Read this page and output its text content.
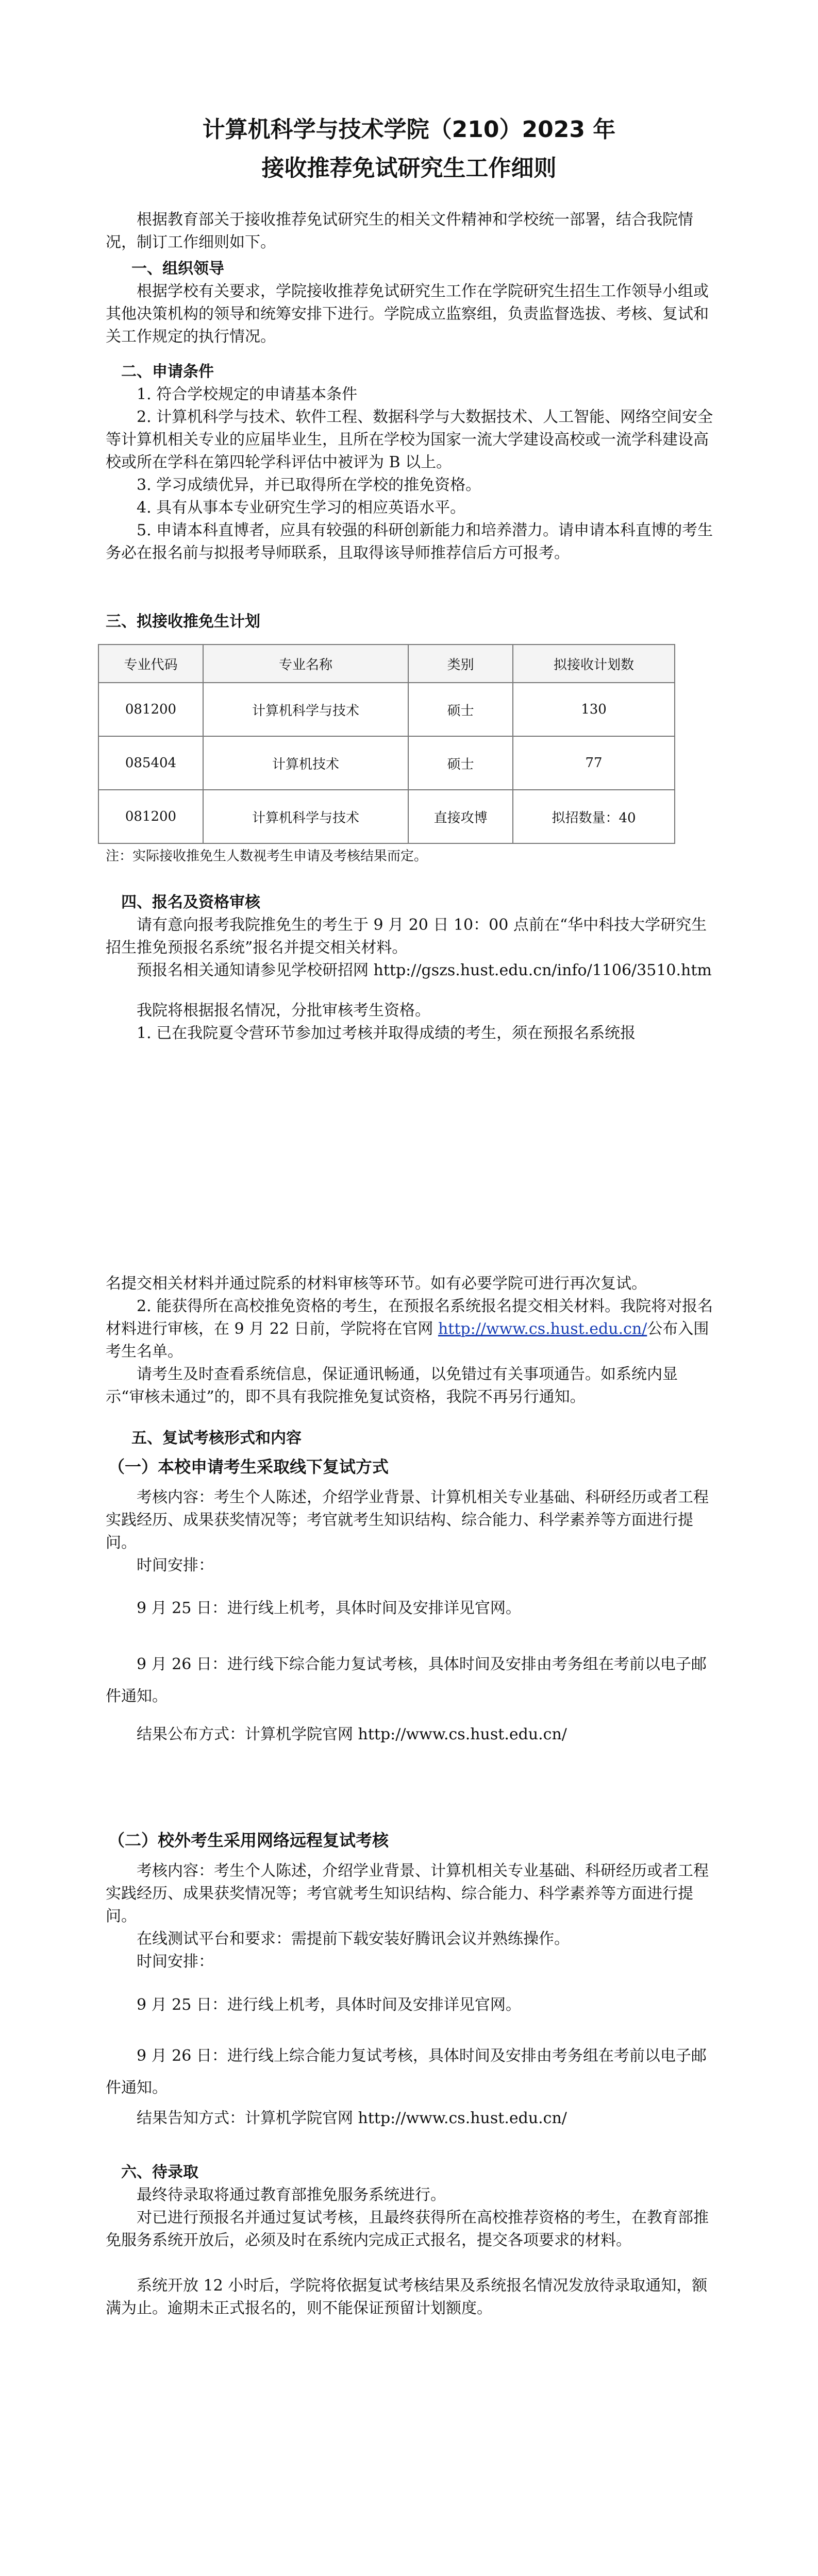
计算机科学与技术学院（210）2023 年
接收推荐免试研究生工作细则

根据教育部关于接收推荐免试研究生的相关文件精神和学校统一部署，结合我院情况，制订工作细则如下。

一、组织领导

根据学校有关要求，学院接收推荐免试研究生工作在学院研究生招生工作领导小组或其他决策机构的领导和统筹安排下进行。学院成立监察组，负责监督选拔、考核、复试和关工作规定的执行情况。

二、申请条件

1. 符合学校规定的申请基本条件

2. 计算机科学与技术、软件工程、数据科学与大数据技术、人工智能、网络空间安全等计算机相关专业的应届毕业生，且所在学校为国家一流大学建设高校或一流学科建设高校或所在学科在第四轮学科评估中被评为 B 以上。

3. 学习成绩优异，并已取得所在学校的推免资格。

4. 具有从事本专业研究生学习的相应英语水平。

5. 申请本科直博者，应具有较强的科研创新能力和培养潜力。请申请本科直博的考生务必在报名前与拟报考导师联系，且取得该导师推荐信后方可报考。

三、拟接收推免生计划

专业代码	专业名称	类别	拟接收计划数
081200	计算机科学与技术	硕士	130
085404	计算机技术	硕士	77
081200	计算机科学与技术	直接攻博	拟招数量：40

注：实际接收推免生人数视考生申请及考核结果而定。

四、报名及资格审核

请有意向报考我院推免生的考生于 9 月 20 日 10：00 点前在“华中科技大学研究生招生推免预报名系统”报名并提交相关材料。

预报名相关通知请参见学校研招网 http://gszs.hust.edu.cn/info/1106/3510.htm

我院将根据报名情况，分批审核考生资格。

1. 已在我院夏令营环节参加过考核并取得成绩的考生，须在预报名系统报

名提交相关材料并通过院系的材料审核等环节。如有必要学院可进行再次复试。

2. 能获得所在高校推免资格的考生，在预报名系统报名提交相关材料。我院将对报名材料进行审核，在 9 月 22 日前，学院将在官网 http://www.cs.hust.edu.cn/公布入围考生名单。

请考生及时查看系统信息，保证通讯畅通，以免错过有关事项通告。如系统内显示“审核未通过”的，即不具有我院推免复试资格，我院不再另行通知。

五、复试考核形式和内容

（一）本校申请考生采取线下复试方式

考核内容：考生个人陈述，介绍学业背景、计算机相关专业基础、科研经历或者工程实践经历、成果获奖情况等；考官就考生知识结构、综合能力、科学素养等方面进行提问。

时间安排：

9 月 25 日：进行线上机考，具体时间及安排详见官网。

9 月 26 日：进行线下综合能力复试考核，具体时间及安排由考务组在考前以电子邮件通知。

结果公布方式：计算机学院官网 http://www.cs.hust.edu.cn/

（二）校外考生采用网络远程复试考核

考核内容：考生个人陈述，介绍学业背景、计算机相关专业基础、科研经历或者工程实践经历、成果获奖情况等；考官就考生知识结构、综合能力、科学素养等方面进行提问。

在线测试平台和要求：需提前下载安装好腾讯会议并熟练操作。

时间安排：

9 月 25 日：进行线上机考，具体时间及安排详见官网。

9 月 26 日：进行线上综合能力复试考核，具体时间及安排由考务组在考前以电子邮件通知。

结果告知方式：计算机学院官网 http://www.cs.hust.edu.cn/

六、待录取

最终待录取将通过教育部推免服务系统进行。

对已进行预报名并通过复试考核，且最终获得所在高校推荐资格的考生，在教育部推免服务系统开放后，必须及时在系统内完成正式报名，提交各项要求的材料。

系统开放 12 小时后，学院将依据复试考核结果及系统报名情况发放待录取通知，额满为止。逾期未正式报名的，则不能保证预留计划额度。
